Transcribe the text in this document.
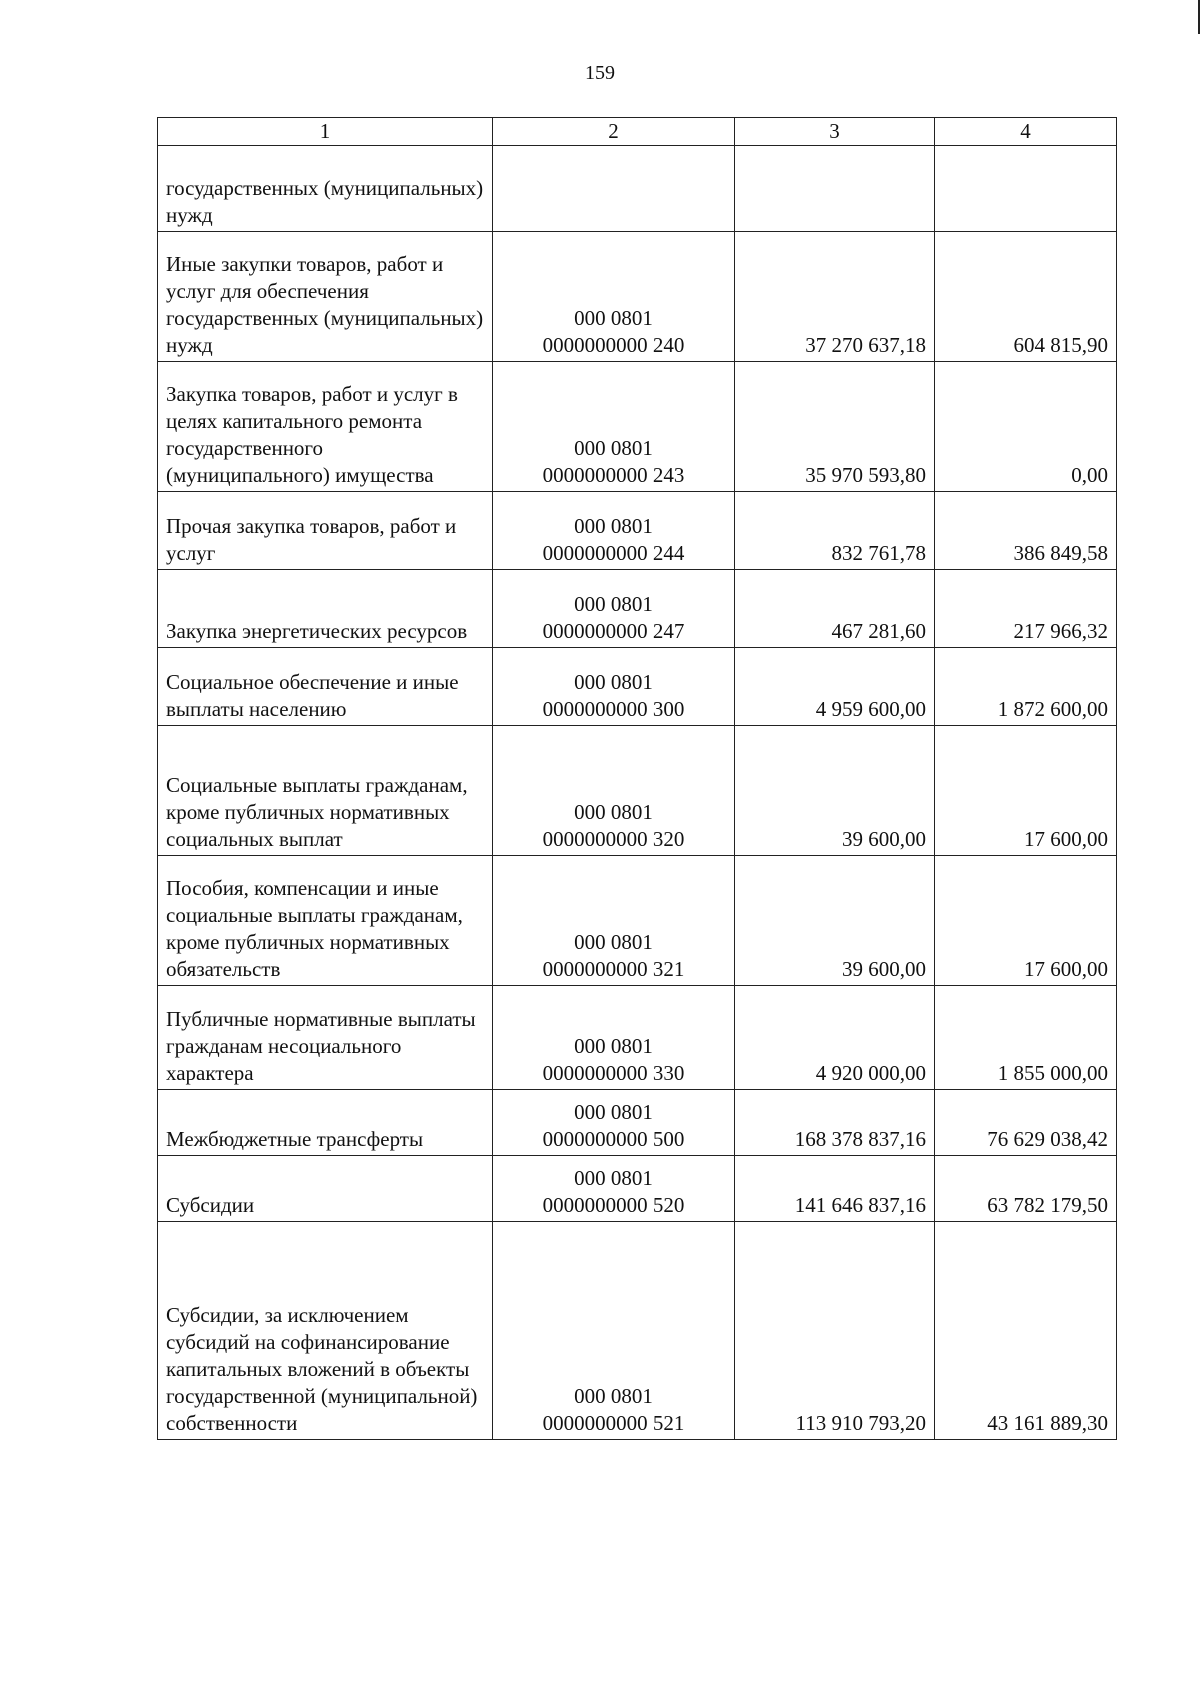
159
1	2	3	4
государственных (муниципальных) нужд	

Иные закупки товаров, работ и услуг для обеспечения государственных (муниципальных) нужд	000 0801
0000000000 240	37 270 637,18	604 815,90
Закупка товаров, работ и услуг в целях капитального ремонта государственного (муниципального) имущества	000 0801
0000000000 243	35 970 593,80	0,00
Прочая закупка товаров, работ и услуг	000 0801
0000000000 244	832 761,78	386 849,58
Закупка энергетических ресурсов	000 0801
0000000000 247	467 281,60	217 966,32
Социальное обеспечение и иные выплаты населению	000 0801
0000000000 300	4 959 600,00	1 872 600,00
Социальные выплаты гражданам, кроме публичных нормативных социальных выплат	000 0801
0000000000 320	39 600,00	17 600,00
Пособия, компенсации и иные социальные выплаты гражданам, кроме публичных нормативных обязательств	000 0801
0000000000 321	39 600,00	17 600,00
Публичные нормативные выплаты гражданам несоциального характера	000 0801
0000000000 330	4 920 000,00	1 855 000,00
Межбюджетные трансферты	000 0801
0000000000 500	168 378 837,16	76 629 038,42
Субсидии	000 0801
0000000000 520	141 646 837,16	63 782 179,50
Субсидии, за исключением субсидий на софинансирование капитальных вложений в объекты государственной (муниципальной) собственности	000 0801
0000000000 521	113 910 793,20	43 161 889,30
